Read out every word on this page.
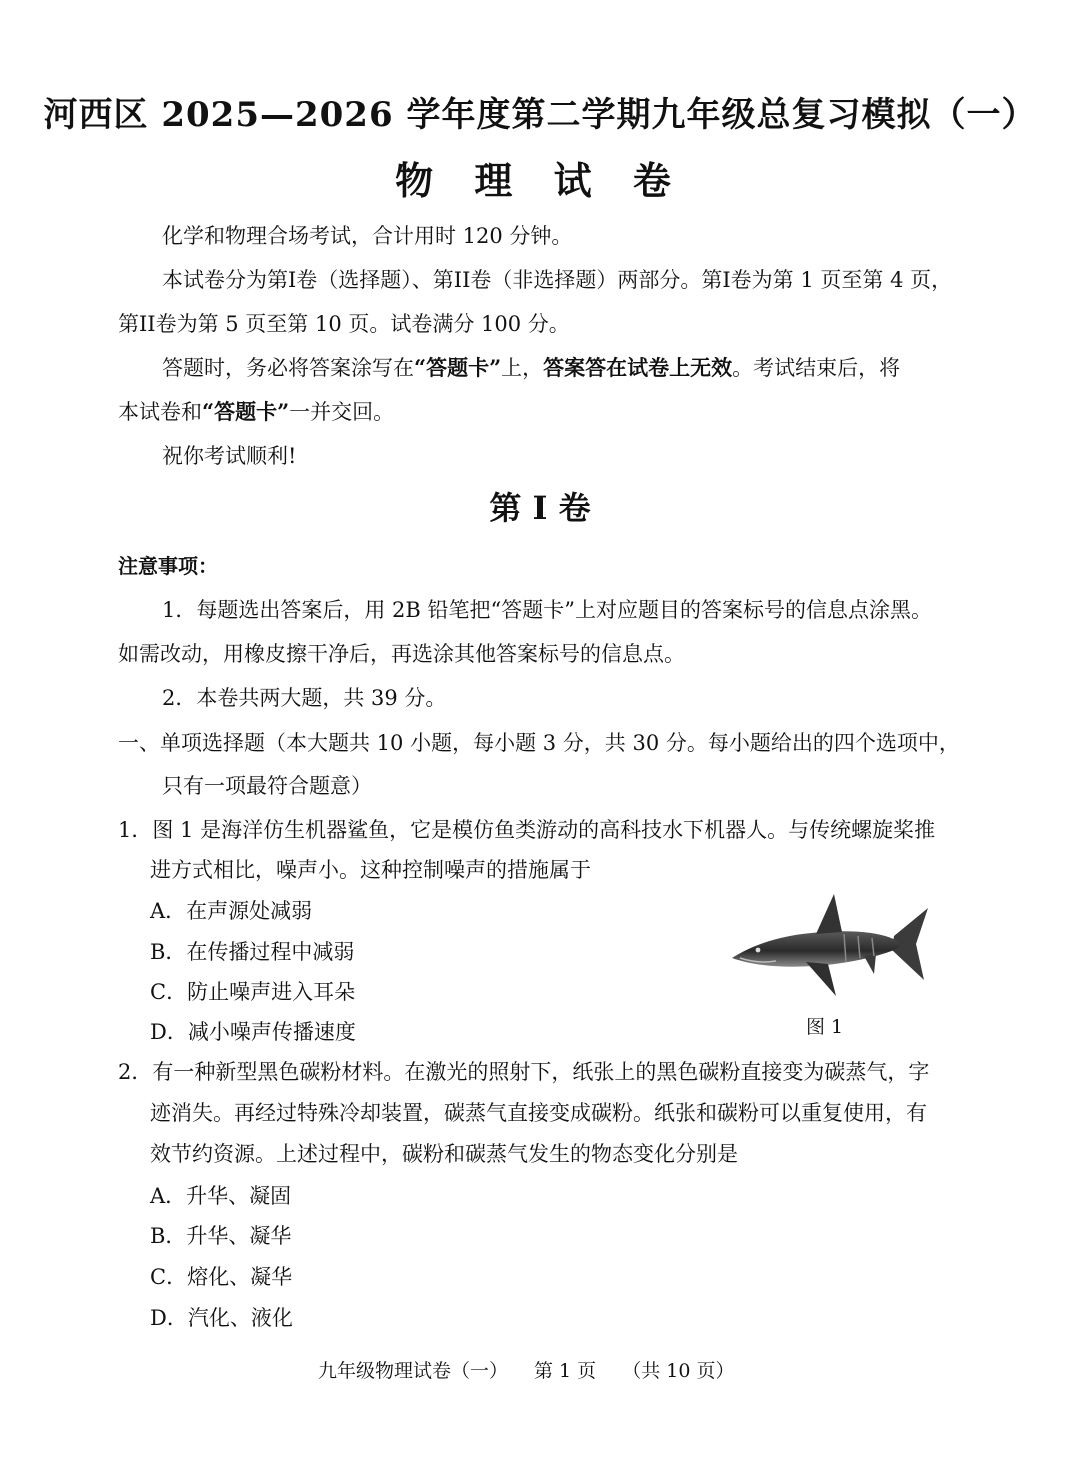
河西区 2025—2026 学年度第二学期九年级总复习模拟（一）
物 理 试 卷
化学和物理合场考试，合计用时 120 分钟。
本试卷分为第I卷（选择题）、第II卷（非选择题）两部分。第I卷为第 1 页至第 4 页，
第II卷为第 5 页至第 10 页。试卷满分 100 分。
答题时，务必将答案涂写在“答题卡”上，答案答在试卷上无效。考试结束后，将
本试卷和“答题卡”一并交回。
祝你考试顺利!
第 I 卷
注意事项：
1．每题选出答案后，用 2B 铅笔把“答题卡”上对应题目的答案标号的信息点涂黑。
如需改动，用橡皮擦干净后，再选涂其他答案标号的信息点。
2．本卷共两大题，共 39 分。
一、单项选择题（本大题共 10 小题，每小题 3 分，共 30 分。每小题给出的四个选项中，
只有一项最符合题意）
1．图 1 是海洋仿生机器鲨鱼，它是模仿鱼类游动的高科技水下机器人。与传统螺旋桨推
进方式相比，噪声小。这种控制噪声的措施属于
A．在声源处减弱
B．在传播过程中减弱
C．防止噪声进入耳朵
D．减小噪声传播速度	图 1
2．有一种新型黑色碳粉材料。在激光的照射下，纸张上的黑色碳粉直接变为碳蒸气，字
迹消失。再经过特殊冷却装置，碳蒸气直接变成碳粉。纸张和碳粉可以重复使用，有
效节约资源。上述过程中，碳粉和碳蒸气发生的物态变化分别是
A．升华、凝固
B．升华、凝华
C．熔化、凝华
D．汽化、液化
九年级物理试卷（一） 第 1 页 （共 10 页）
